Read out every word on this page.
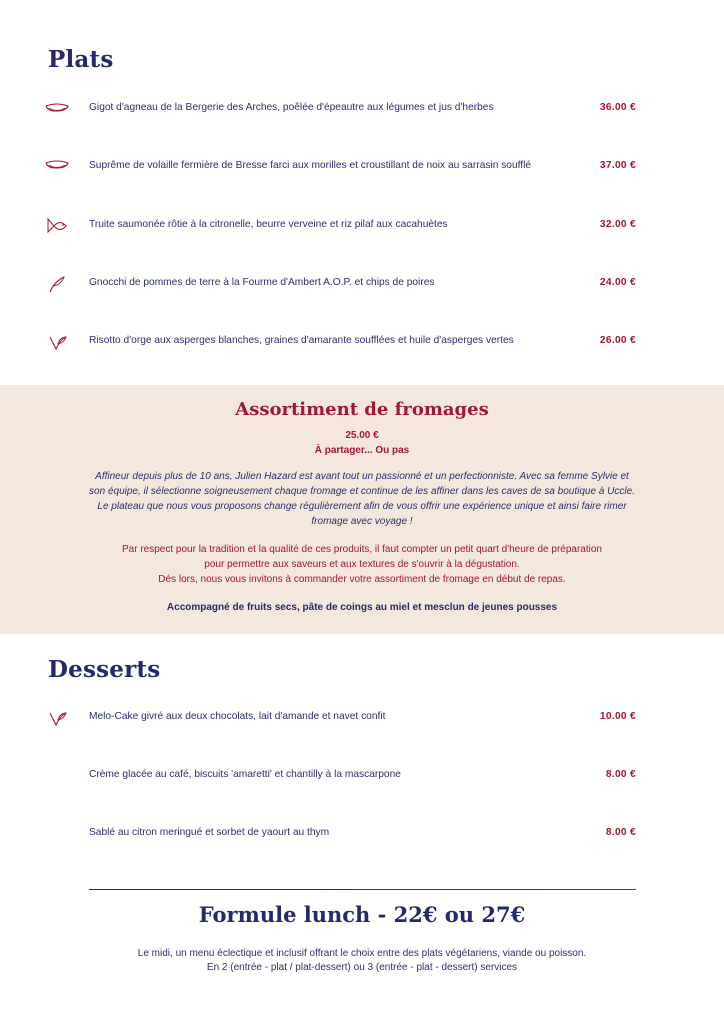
Plats
Gigot d'agneau de la Bergerie des Arches, poêlée d'épeautre aux légumes et jus d'herbes	36.00 €
Suprême de volaille fermière de Bresse farci aux morilles et croustillant de noix au sarrasin soufflé	37.00 €
Truite saumonée rôtie à la citronelle, beurre verveine et riz pilaf aux cacahuètes	32.00 €
Gnocchi de pommes de terre à la Fourme d'Ambert A.O.P. et chips de poires	24.00 €
Risotto d'orge aux asperges blanches, graines d'amarante soufflées et huile d'asperges vertes	26.00 €
Assortiment de fromages
25.00 €
À partager... Ou pas

Affineur depuis plus de 10 ans, Julien Hazard est avant tout un passionné et un perfectionniste. Avec sa femme Sylvie et son équipe, il sélectionne soigneusement chaque fromage et continue de les affiner dans les caves de sa boutique à Uccle. Le plateau que nous vous proposons change régulièrement afin de vous offrir une expérience unique et ainsi faire rimer fromage avec voyage !

Par respect pour la tradition et la qualité de ces produits, il faut compter un petit quart d'heure de préparation
pour permettre aux saveurs et aux textures de s'ouvrir à la dégustation.
Dés lors, nous vous invitons à commander votre assortiment de fromage en début de repas.

Accompagné de fruits secs, pâte de coings au miel et mesclun de jeunes pousses

Desserts
Melo-Cake givré aux deux chocolats, lait d'amande et navet confit	10.00 €
Crème glacée au café, biscuits 'amaretti' et chantilly à la mascarpone	8.00 €
Sablé au citron meringué et sorbet de yaourt au thym	8.00 €
Formule lunch - 22€ ou 27€
Le midi, un menu éclectique et inclusif offrant le choix entre des plats végétariens, viande ou poisson.
En 2 (entrée - plat / plat-dessert) ou 3 (entrée - plat - dessert) services
